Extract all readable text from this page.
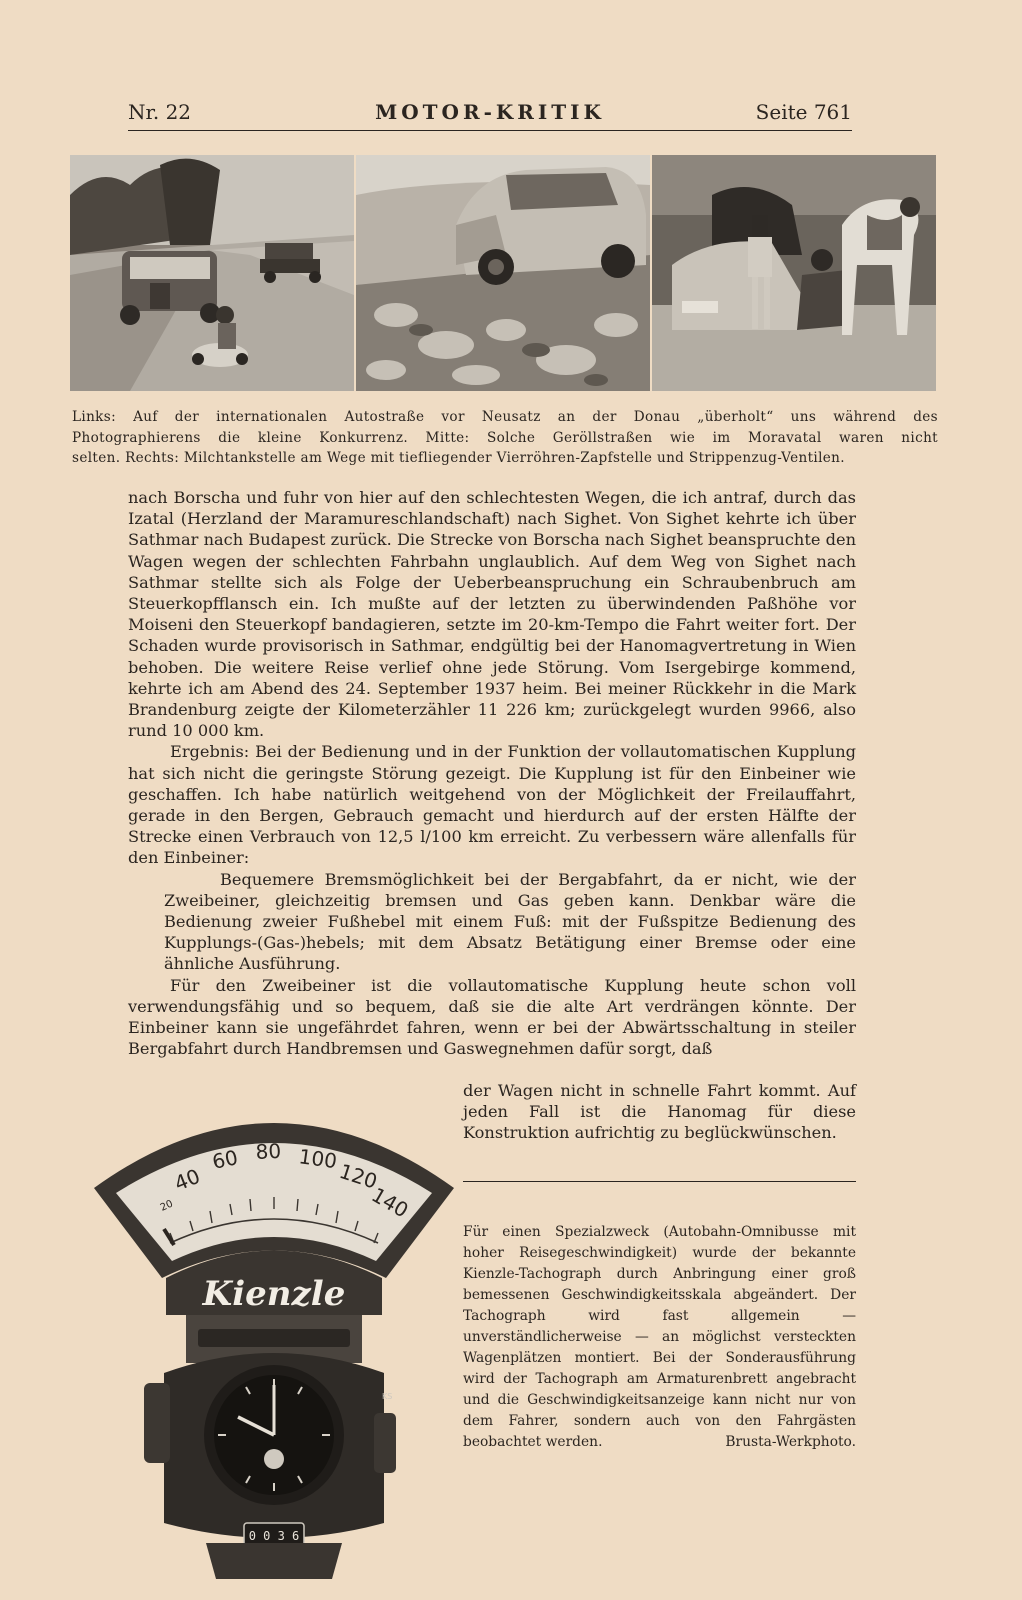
Nr. 22	MOTOR-KRITIK	Seite 761

Links: Auf der internationalen Autostraße vor Neusatz an der Donau „überholt“ uns während des

Photographierens die kleine Konkurrenz. Mitte: Solche Geröllstraßen wie im Moravatal waren nicht

selten. Rechts: Milchtankstelle am Wege mit tiefliegender Vierröhren-Zapfstelle und Strippenzug-Ventilen.

nach Borscha und fuhr von hier auf den schlechtesten Wegen, die ich antraf, durch das Izatal (Herzland der Maramureschlandschaft) nach Sighet. Von Sighet kehrte ich über Sathmar nach Budapest zurück. Die Strecke von Borscha nach Sighet beanspruchte den Wagen wegen der schlechten Fahrbahn unglaublich. Auf dem Weg von Sighet nach Sathmar stellte sich als Folge der Ueberbeanspruchung ein Schraubenbruch am Steuerkopfflansch ein. Ich mußte auf der letzten zu überwindenden Paßhöhe vor Moiseni den Steuerkopf bandagieren, setzte im 20-km-Tempo die Fahrt weiter fort. Der Schaden wurde provisorisch in Sathmar, endgültig bei der Hanomagvertretung in Wien behoben. Die weitere Reise verlief ohne jede Störung. Vom Isergebirge kommend, kehrte ich am Abend des 24. September 1937 heim. Bei meiner Rückkehr in die Mark Brandenburg zeigte der Kilometerzähler 11 226 km; zurückgelegt wurden 9966, also rund 10 000 km.

Ergebnis: Bei der Bedienung und in der Funktion der vollautomatischen Kupplung hat sich nicht die geringste Störung gezeigt. Die Kupplung ist für den Einbeiner wie geschaffen. Ich habe natürlich weitgehend von der Möglichkeit der Freilauffahrt, gerade in den Bergen, Gebrauch gemacht und hierdurch auf der ersten Hälfte der Strecke einen Verbrauch von 12,5 l/100 km erreicht. Zu verbessern wäre allenfalls für den Einbeiner:

Bequemere Bremsmöglichkeit bei der Bergabfahrt, da er nicht, wie der Zweibeiner, gleichzeitig bremsen und Gas geben kann. Denkbar wäre die Bedienung zweier Fußhebel mit einem Fuß: mit der Fußspitze Bedienung des Kupplungs-(Gas-)hebels; mit dem Absatz Betätigung einer Bremse oder eine ähnliche Ausführung.

Für den Zweibeiner ist die vollautomatische Kupplung heute schon voll verwendungsfähig und so bequem, daß sie die alte Art verdrängen könnte. Der Einbeiner kann sie ungefährdet fahren, wenn er bei der Abwärtsschaltung in steiler Bergabfahrt durch Handbremsen und Gaswegnehmen dafür sorgt, daß

der Wagen nicht in schnelle Fahrt kommt. Auf jeden Fall ist die Hanomag für diese Konstruktion aufrichtig zu beglückwünschen.
Für einen Spezialzweck (Autobahn-Omnibusse mit hoher Reisegeschwindigkeit) wurde der bekannte Kienzle-Tachograph durch Anbringung einer groß bemessenen Geschwindigkeitsskala abgeändert. Der Tachograph wird fast allgemein — unverständlicherweise — an möglichst versteckten Wagenplätzen montiert. Bei der Sonderausführung wird der Tachograph am Armaturenbrett angebracht und die Geschwindigkeitsanzeige kann nicht nur von dem Fahrer, sondern auch von den Fahrgästen beobachtet werden.	Brusta-Werkphoto.
20
40
60 80 100
120
140
Kienzle
0 0 3 6
KS
